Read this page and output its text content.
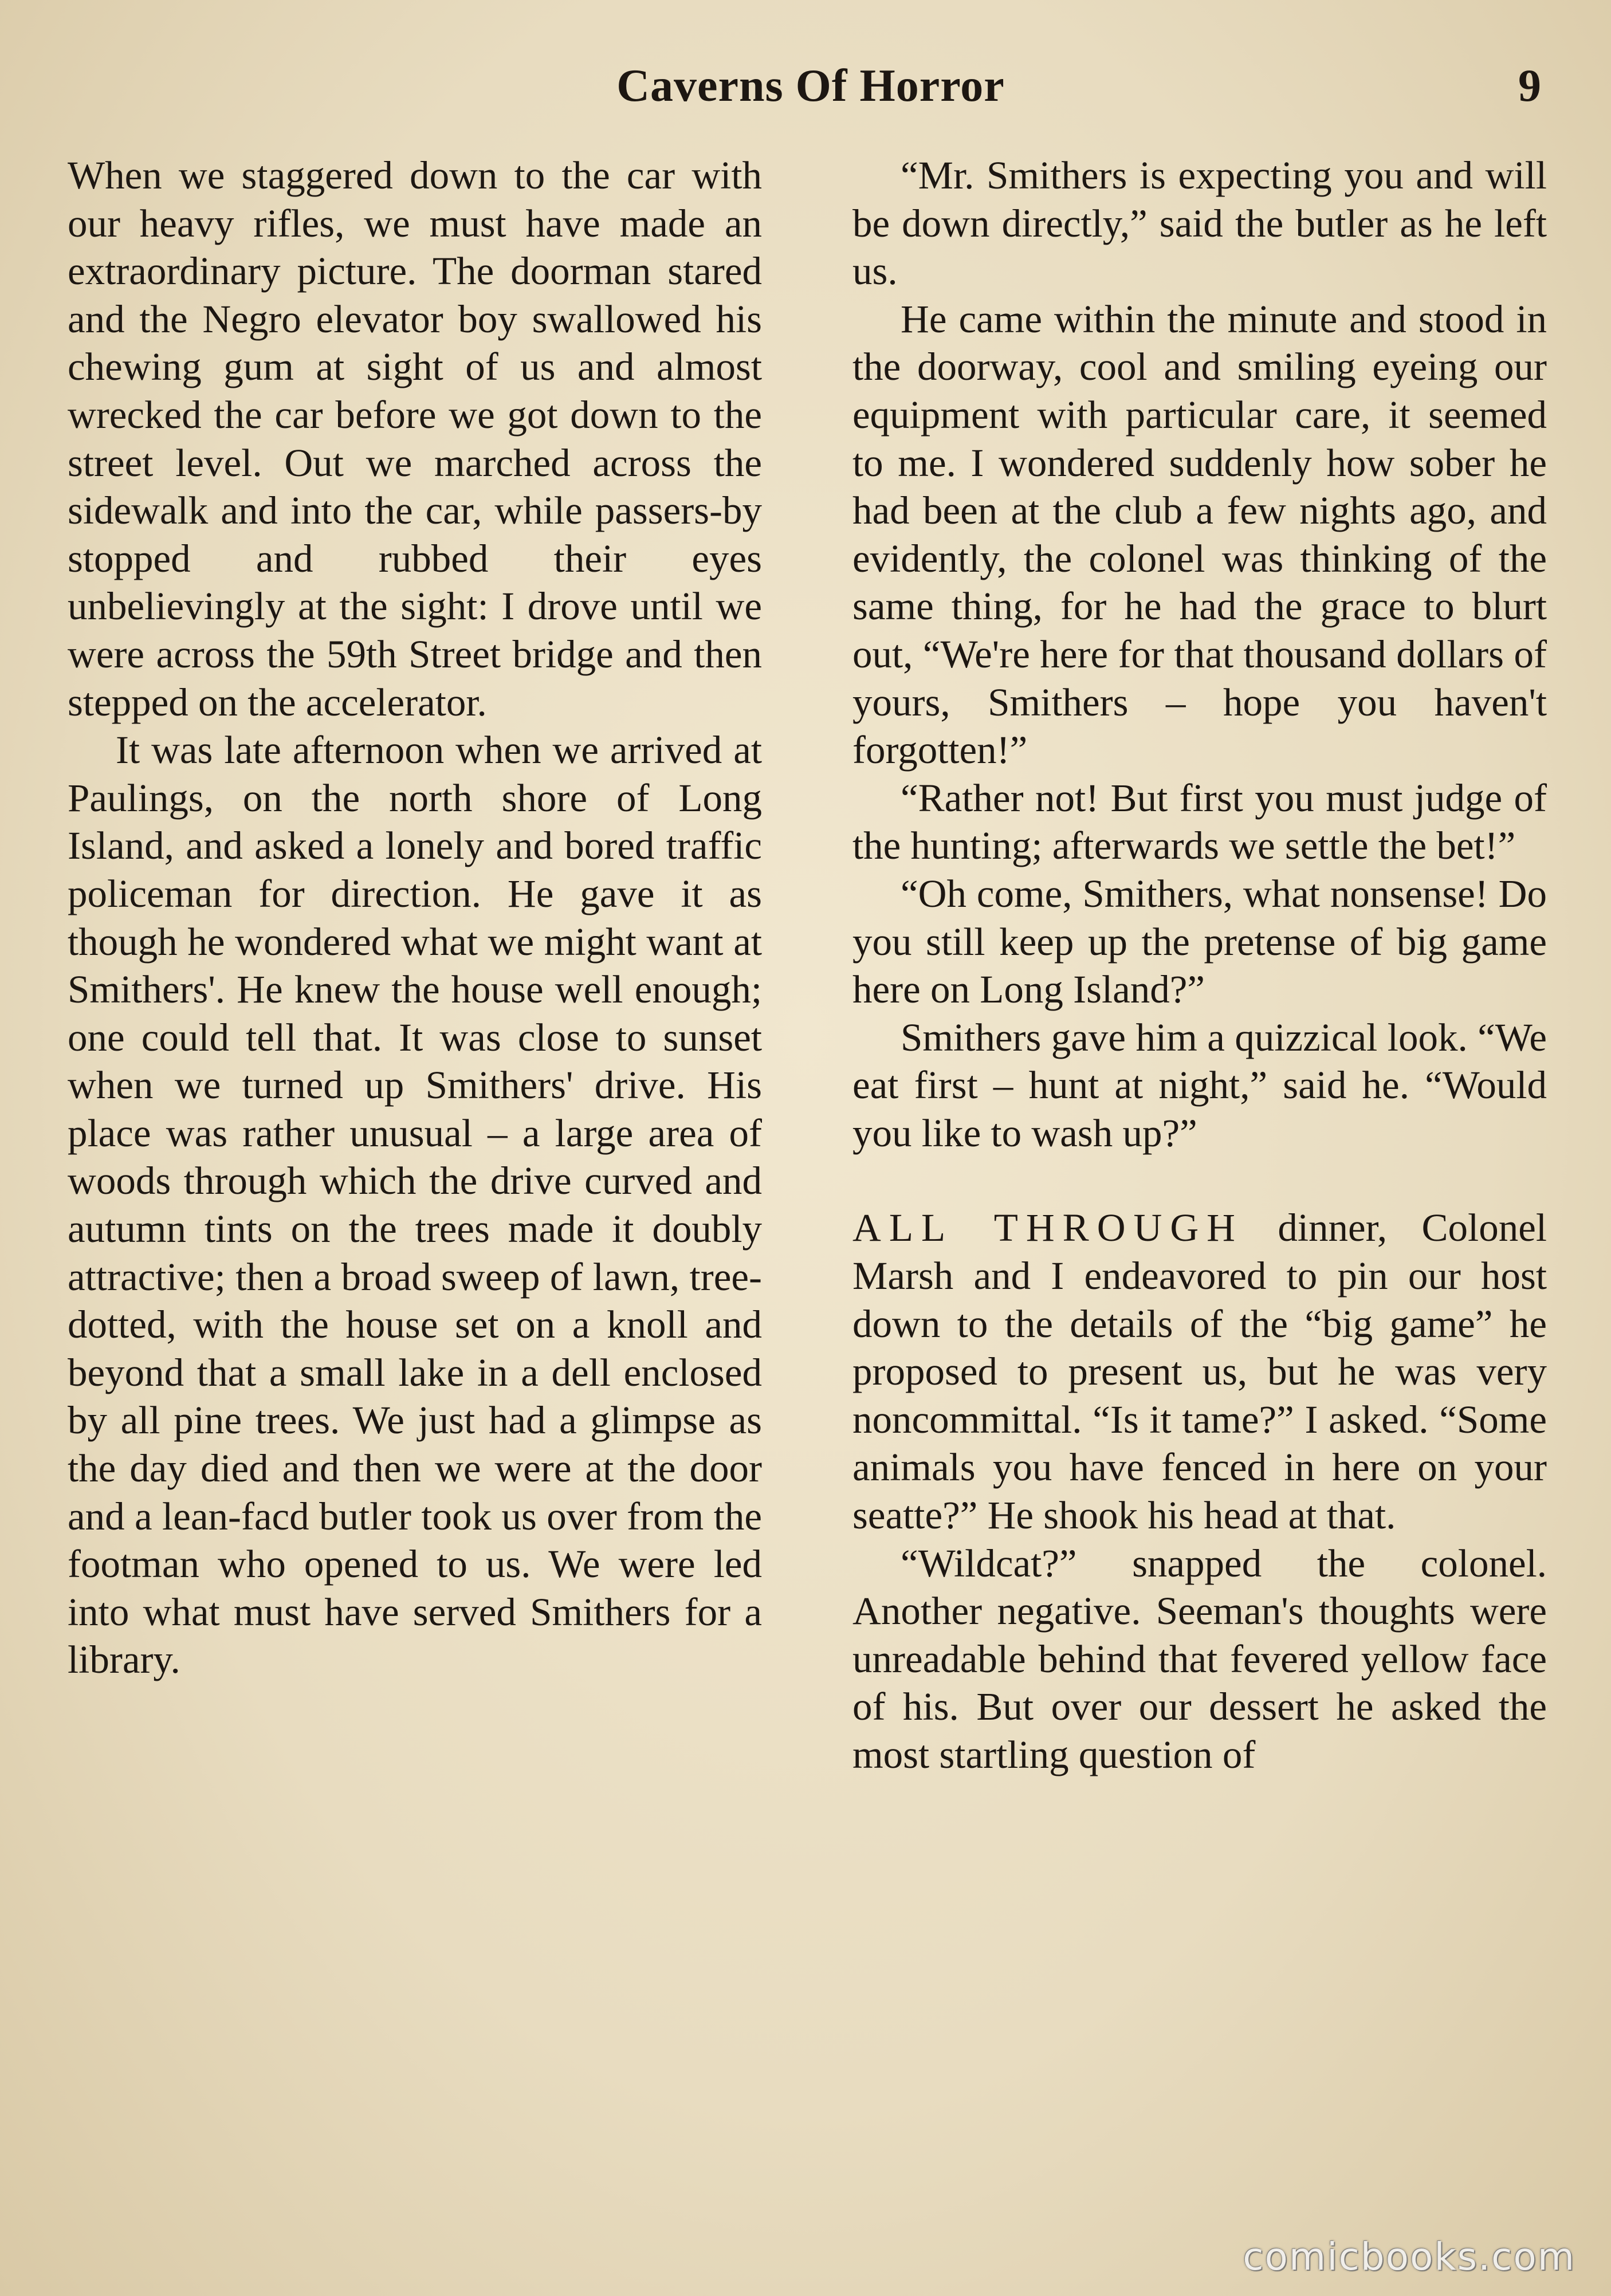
Caverns Of Horror	9

When we staggered down to the car with our heavy rifles, we must have made an extraordinary picture. The doorman stared and the Negro elevator boy swallowed his chewing gum at sight of us and almost wrecked the car before we got down to the street level. Out we marched across the sidewalk and into the car, while passers-by stopped and rubbed their eyes unbelievingly at the sight: I drove until we were across the 59th Street bridge and then stepped on the accelerator.

It was late afternoon when we arrived at Paulings, on the north shore of Long Island, and asked a lonely and bored traffic policeman for direction. He gave it as though he wondered what we might want at Smithers'. He knew the house well enough; one could tell that. It was close to sunset when we turned up Smithers' drive. His place was rather unusual – a large area of woods through which the drive curved and autumn tints on the trees made it doubly attractive; then a broad sweep of lawn, tree-dotted, with the house set on a knoll and beyond that a small lake in a dell enclosed by all pine trees. We just had a glimpse as the day died and then we were at the door and a lean-facd butler took us over from the footman who opened to us. We were led into what must have served Smithers for a library.

“Mr. Smithers is expecting you and will be down directly,” said the butler as he left us.

He came within the minute and stood in the doorway, cool and smiling eyeing our equipment with particular care, it seemed to me. I wondered suddenly how sober he had been at the club a few nights ago, and evidently, the colonel was thinking of the same thing, for he had the grace to blurt out, “We're here for that thousand dollars of yours, Smithers – hope you haven't forgotten!”

“Rather not! But first you must judge of the hunting; afterwards we settle the bet!”

“Oh come, Smithers, what nonsense! Do you still keep up the pretense of big game here on Long Island?”

Smithers gave him a quizzical look. “We eat first – hunt at night,” said he. “Would you like to wash up?”

ALL THROUGH dinner, Colonel Marsh and I endeavored to pin our host down to the details of the “big game” he proposed to present us, but he was very noncommittal. “Is it tame?” I asked. “Some animals you have fenced in here on your seatte?” He shook his head at that.

“Wildcat?” snapped the colonel. Another negative. Seeman's thoughts were unreadable behind that fevered yellow face of his. But over our dessert he asked the most startling question of

comicbooks.com
